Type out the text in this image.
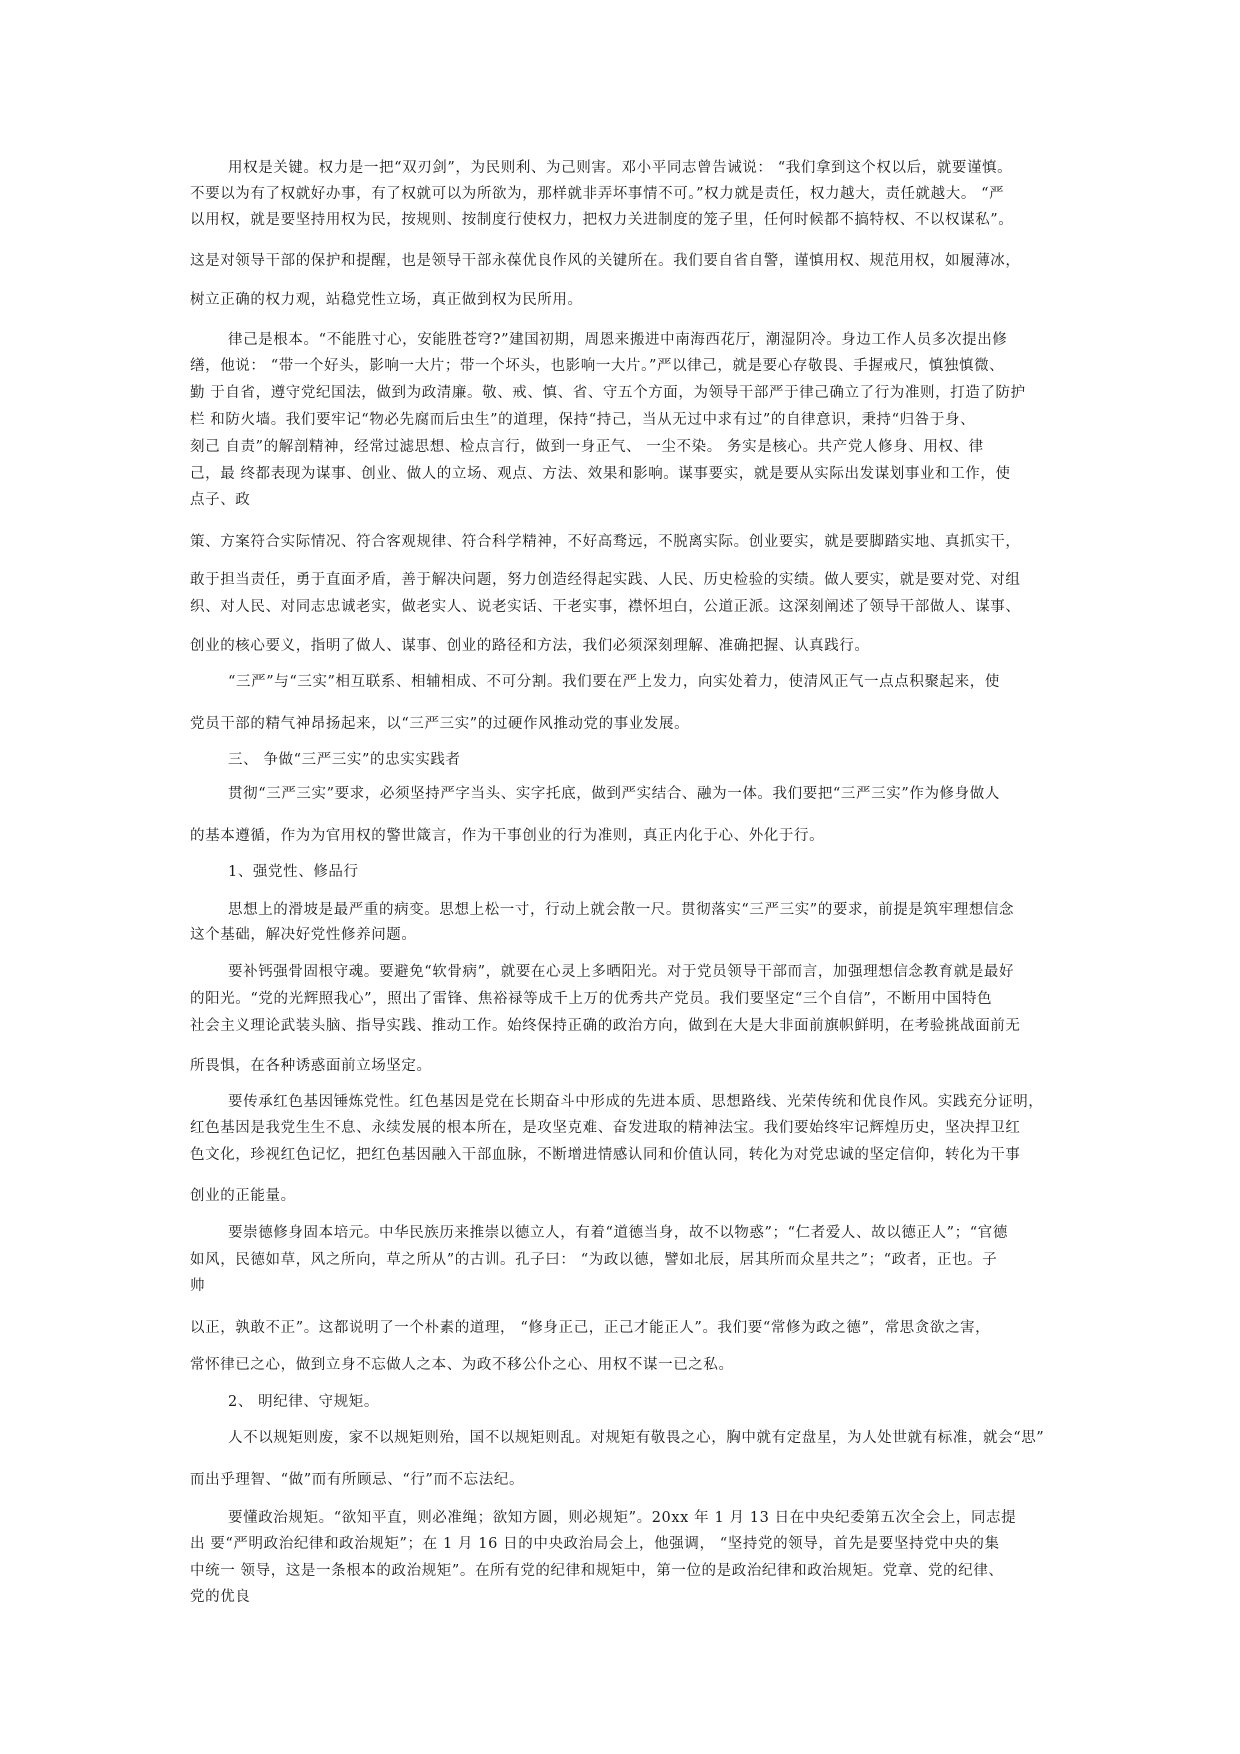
用权是关键。权力是一把“双刃剑”，为民则利、为己则害。邓小平同志曾告诫说： “我们拿到这个权以后，就要谨慎。
不要以为有了权就好办事，有了权就可以为所欲为，那样就非弄坏事情不可。”权力就是责任，权力越大，责任就越大。 “严
以用权，就是要坚持用权为民，按规则、按制度行使权力，把权力关进制度的笼子里，任何时候都不搞特权、不以权谋私”。
这是对领导干部的保护和提醒，也是领导干部永葆优良作风的关键所在。我们要自省自警，谨慎用权、规范用权，如履薄冰，
树立正确的权力观，站稳党性立场，真正做到权为民所用。
律己是根本。“不能胜寸心，安能胜苍穹?”建国初期，周恩来搬进中南海西花厅，潮湿阴冷。身边工作人员多次提出修
缮，他说： “带一个好头，影响一大片；带一个坏头，也影响一大片。”严以律己，就是要心存敬畏、手握戒尺，慎独慎微、
勤 于自省，遵守党纪国法，做到为政清廉。敬、戒、慎、省、守五个方面，为领导干部严于律己确立了行为准则，打造了防护
栏 和防火墙。我们要牢记“物必先腐而后虫生”的道理，保持“持己，当从无过中求有过”的自律意识，秉持“归咎于身、
刻己 自责”的解剖精神，经常过滤思想、检点言行，做到一身正气、 一尘不染。 务实是核心。共产党人修身、用权、律
己，最 终都表现为谋事、创业、做人的立场、观点、方法、效果和影响。谋事要实，就是要从实际出发谋划事业和工作，使
点子、政
策、方案符合实际情况、符合客观规律、符合科学精神，不好高骛远，不脱离实际。创业要实，就是要脚踏实地、真抓实干，
敢于担当责任，勇于直面矛盾，善于解决问题，努力创造经得起实践、人民、历史检验的实绩。做人要实，就是要对党、对组
织、对人民、对同志忠诚老实，做老实人、说老实话、干老实事，襟怀坦白，公道正派。这深刻阐述了领导干部做人、谋事、
创业的核心要义，指明了做人、谋事、创业的路径和方法，我们必须深刻理解、准确把握、认真践行。
“三严”与“三实”相互联系、相辅相成、不可分割。我们要在严上发力，向实处着力，使清风正气一点点积聚起来，使
党员干部的精气神昂扬起来，以“三严三实”的过硬作风推动党的事业发展。
三、 争做“三严三实”的忠实实践者
贯彻“三严三实”要求，必须坚持严字当头、实字托底，做到严实结合、融为一体。我们要把“三严三实”作为修身做人
的基本遵循，作为为官用权的警世箴言，作为干事创业的行为准则，真正内化于心、外化于行。
1、强党性、修品行
思想上的滑坡是最严重的病变。思想上松一寸，行动上就会散一尺。贯彻落实“三严三实”的要求，前提是筑牢理想信念
这个基础，解决好党性修养问题。
要补钙强骨固根守魂。要避免“软骨病”，就要在心灵上多晒阳光。对于党员领导干部而言，加强理想信念教育就是最好
的阳光。“党的光辉照我心”，照出了雷锋、焦裕禄等成千上万的优秀共产党员。我们要坚定“三个自信”，不断用中国特色
社会主义理论武装头脑、指导实践、推动工作。始终保持正确的政治方向，做到在大是大非面前旗帜鲜明，在考验挑战面前无
所畏惧，在各种诱惑面前立场坚定。
要传承红色基因锤炼党性。红色基因是党在长期奋斗中形成的先进本质、思想路线、光荣传统和优良作风。实践充分证明，
红色基因是我党生生不息、永续发展的根本所在，是攻坚克难、奋发进取的精神法宝。我们要始终牢记辉煌历史，坚决捍卫红
色文化，珍视红色记忆，把红色基因融入干部血脉，不断增进情感认同和价值认同，转化为对党忠诚的坚定信仰，转化为干事
创业的正能量。
要崇德修身固本培元。中华民族历来推崇以德立人，有着“道德当身，故不以物惑”；“仁者爱人、故以德正人”；“官德
如风，民德如草，风之所向，草之所从”的古训。孔子曰： “为政以德，譬如北辰，居其所而众星共之”；“政者，正也。子
帅
以正，孰敢不正”。这都说明了一个朴素的道理， “修身正己，正己才能正人”。我们要“常修为政之德”，常思贪欲之害，
常怀律已之心，做到立身不忘做人之本、为政不移公仆之心、用权不谋一已之私。
2、 明纪律、守规矩。
人不以规矩则废，家不以规矩则殆，国不以规矩则乱。对规矩有敬畏之心，胸中就有定盘星，为人处世就有标准，就会“思”
而出乎理智、“做”而有所顾忌、“行”而不忘法纪。
要懂政治规矩。“欲知平直，则必准绳；欲知方圆，则必规矩”。20xx 年 1 月 13 日在中央纪委第五次全会上，同志提
出 要“严明政治纪律和政治规矩”；在 1 月 16 日的中央政治局会上，他强调， “坚持党的领导，首先是要坚持党中央的集
中统一 领导，这是一条根本的政治规矩”。在所有党的纪律和规矩中，第一位的是政治纪律和政治规矩。党章、党的纪律、
党的优良
